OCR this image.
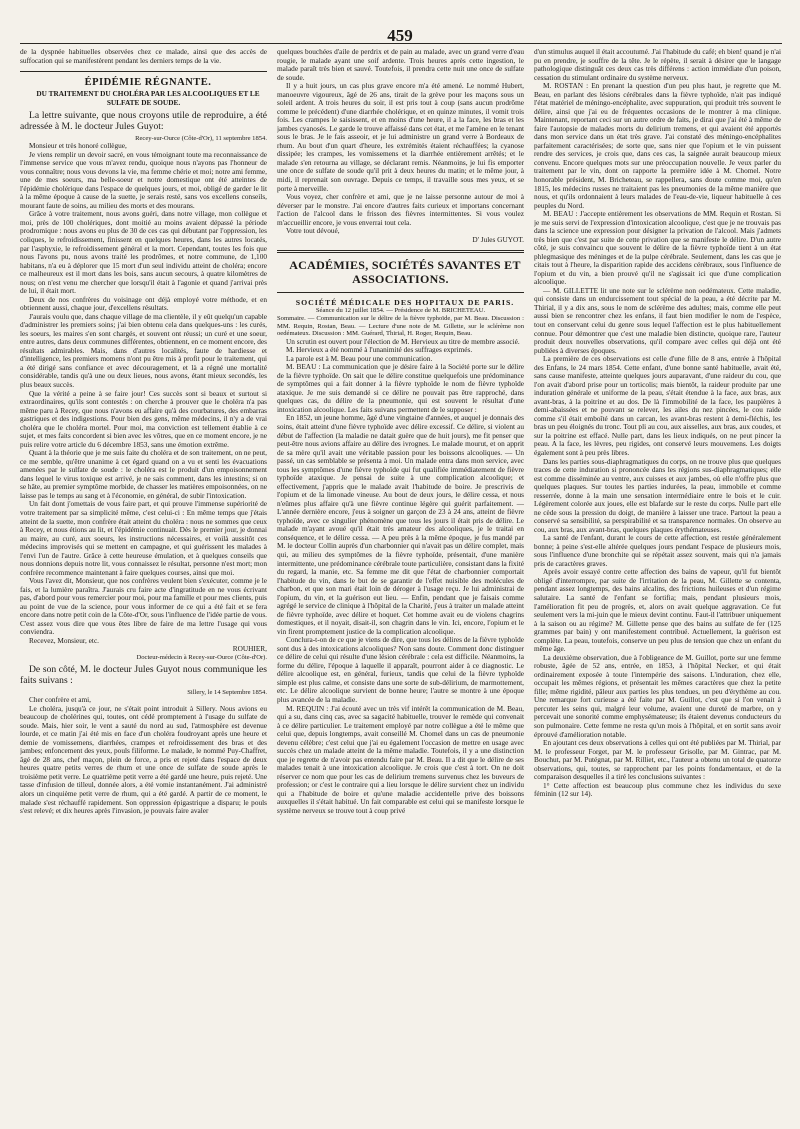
459

de la dyspnée habituelles observées chez ce malade, ainsi que des accès de suffocation qui se manifestèrent pendant les derniers temps de la vie.

ÉPIDÉMIE RÉGNANTE.

DU TRAITEMENT DU CHOLÉRA PAR LES ALCOOLIQUES ET LE SULFATE DE SOUDE.

La lettre suivante, que nous croyons utile de reproduire, a été adressée à M. le docteur Jules Guyot:

Recey-sur-Ource (Côte-d'Or), 11 septembre 1854.

Monsieur et très honoré collègue,

Je viens remplir un devoir sacré, en vous témoignant toute ma reconnaissance de l'immense service que vous m'avez rendu, quoique nous n'ayons pas l'honneur de vous connaître; nous vous devons la vie, ma femme chérie et moi; notre ami femme, une de mes soeurs, ma belle-soeur et notre domestique ont été atteintes de l'épidémie cholérique dans l'espace de quelques jours, et moi, obligé de garder le lit à la même époque à cause de la suette, je serais resté, sans vos excellens conseils, mourant faute de soins, au milieu des morts et des mourans.

Grâce à votre traitement, nous avons guéri, dans notre village, mon collègue et moi, près de 100 cholériques, dont moitié au moins avaient dépassé la période prodromique : nous avons eu plus de 30 de ces cas qui débutant par l'oppression, les coliques, le refroidissement, finissent en quelques heures, dans les autres locatés, par l'asphyxie, le refroidissement général et la mort. Cependant, toutes les fois que nous l'avons pu, nous avons traité les prodrômes, et notre commune, de 1,100 habitans, n'a eu à déplorer que 15 mort d'un seul individu atteint de choléra; encore ce malheureux est il mort dans les bois, sans aucun secours, à quatre kilomètres de nous; on n'est venu me chercher que lorsqu'il était à l'agonie et quand j'arrivai près de lui, il était mort.

Deux de nos confrères du voisinage ont déjà employé votre méthode, et en obtiennent aussi, chaque jour, d'excellens résultats.

J'aurais voulu que, dans chaque village de ma clientèle, il y eût quelqu'un capable d'administrer les premiers soins; j'ai bien obtenu cela dans quelques-uns : les curés, les soeurs, les maires s'en sont chargés, et souvent ont réussi; un curé et une soeur, entre autres, dans deux communes différentes, obtiennent, en ce moment encore, des résultats admirables. Mais, dans d'autres localités, faute de hardiesse et d'intelligence, les premiers momens n'ont pu être mis à profit pour le traitement, qui a été dirigé sans confiance et avec découragement, et là a régné une mortalité considérable, tandis qu'à une ou deux lieues, nous avons, étant mieux secondés, les plus beaux succès.

Que la vérité a peine à se faire jour! Ces succès sont si beaux et surtout si extraordinaires, qu'ils sont contestés : on cherche à prouver que le choléra n'a pas même paru à Recey, que nous n'avons eu affaire qu'à des courbatures, des embarras gastriques et des indigestions. Pour bien des gens, même médecins, il n'y a de vrai choléra que le choléra mortel. Pour moi, ma conviction est tellement établie à ce sujet, et mes faits concordent si bien avec les vôtres, que en ce moment encore, je ne puis relire votre article du 6 décembre 1853, sans une émotion extrême.

Quant à la théorie que je me suis faite du choléra et de son traitement, on ne peut, ce me semble, qu'être unanime à cet égard quand on a vu et senti les évacuations amenées par le sulfate de soude : le choléra est le produit d'un empoisonnement dans lequel le virus toxique est arrivé, je ne sais comment, dans les intestins; si on se hâte, au premier symptôme morbide, de chasser les matières empoisonnées, on ne laisse pas le temps au sang et à l'économie, en général, de subir l'intoxication.

Un fait dont j'omettais de vous faire part, et qui prouve l'immense supériorité de votre traitement par sa simplicité même, c'est celui-ci : En même temps que j'étais atteint de la suette, mon confrère était atteint du choléra : nous ne sommes que ceux à Recey, et nous étions au lit, et l'épidémie continuait. Dès le premier jour, je donnai au maire, au curé, aux soeurs, les instructions nécessaires, et voilà aussitôt ces médecins improvisés qui se mettent en campagne, et qui guérissent les malades à l'envi l'un de l'autre. Grâce à cette heureuse émulation, et à quelques conseils que nous donnions depuis notre lit, vous connaissez le résultat, personne n'est mort; mon confrère recommence maintenant à faire quelques courses, ainsi que moi.

Vous l'avez dit, Monsieur, que nos confrères veulent bien s'exécuter, comme je le fais, et la lumière paraîtra. J'aurais cru faire acte d'ingratitude en ne vous écrivant pas, d'abord pour vous remercier pour moi, pour ma famille et pour mes clients, puis au point de vue de la science, pour vous informer de ce qui a été fait et se fera encore dans notre petit coin de la Côte-d'Or, sous l'influence de l'idée partie de vous. C'est assez vous dire que vous êtes libre de faire de ma lettre l'usage qui vous conviendra.

Recevez, Monsieur, etc.

ROUHIER,

Docteur-médecin à Recey-sur-Ource (Côte-d'Or).

De son côté, M. le docteur Jules Guyot nous communique les faits suivans :

Sillery, le 14 Septembre 1854.

Cher confrère et ami,

Le choléra, jusqu'à ce jour, ne s'était point introduit à Sillery. Nous avions eu beaucoup de cholérines qui, toutes, ont cédé promptement à l'usage du sulfate de soude. Mais, hier soir, le vent a sauté du nord au sud, l'atmosphère est devenue lourde, et ce matin j'ai été mis en face d'un choléra foudroyant après une heure et demie de vomissemens, diarrhées, crampes et refroidissement des bras et des jambes; enfoncement des yeux, pouls filiforme. Le malade, le nommé Puy-Chaffret, âgé de 28 ans, chef maçon, plein de force, a pris et rejeté dans l'espace de deux heures quatre petits verres de rhum et une once de sulfate de soude après le troisième petit verre. Le quatrième petit verre a été gardé une heure, puis rejeté. Une tasse d'infusion de tilleul, donnée alors, a été vomie instantanément. J'ai administré alors un cinquième petit verre de rhum, qui a été gardé. A partir de ce moment, le malade s'est réchauffé rapidement. Son oppression épigastrique a disparu; le pouls s'est relevé; et dix heures après l'invasion, je pouvais faire avaler

quelques bouchées d'aile de perdrix et de pain au malade, avec un grand verre d'eau rougie, le malade ayant une soif ardente. Trois heures après cette ingestion, le malade paraît très bien et sauvé. Toutefois, il prendra cette nuit une once de sulfate de soude.

Il y a huit jours, un cas plus grave encore m'a été amené. Le nommé Hubert, manoeuvre vigoureux, âgé de 26 ans, tirait de la grève pour les maçons sous un soleil ardent. A trois heures du soir, il est pris tout à coup (sans aucun prodrôme comme le précédent) d'une diarrhée cholérique, et en quinze minutes, il vomit trois fois. Les crampes le saisissent, et en moins d'une heure, il a la face, les bras et les jambes cyanosés. Le garde le trouve affaissé dans cet état, et me l'amène en le tenant sous le bras. Je le fais asseoir, et je lui administre un grand verre à Bordeaux de rhum. Au bout d'un quart d'heure, les extrémités étaient réchauffées; la cyanose dissipée; les crampes, les vomissemens et la diarrhée entièrement arrêtés; et le malade s'en retourna au village, se déclarant remis. Néanmoins, je lui fis emporter une once de sulfate de soude qu'il prit à deux heures du matin; et le même jour, à midi, il reprenait son ouvrage. Depuis ce temps, il travaille sous mes yeux, et se porte à merveille.

Vous voyez, cher confrère et ami, que je ne laisse personne autour de moi à déverser par le monstre. J'ai encore d'autres faits curieux et importans concernant l'action de l'alcool dans le frisson des fièvres intermittentes. Si vous voulez m'accueillir encore, je vous enverrai tout cela.

Votre tout dévoué,

D' Jules GUYOT.

ACADÉMIES, SOCIÉTÉS SAVANTES ET ASSOCIATIONS.

SOCIÉTÉ MÉDICALE DES HOPITAUX DE PARIS.

Séance du 12 juillet 1854. — Présidence de M. BRICHETEAU.

Sommaire. — Communication sur le délire de la fièvre typhoïde, par M. Beau. Discussion : MM. Requin, Rostan, Beau. — Lecture d'une note de M. Gillette, sur le sclérème non oedémateux. Discussion : MM. Guérard, Thirial, H. Roger, Requin, Beau.

Un scrutin est ouvert pour l'élection de M. Hervieux au titre de membre associé.

M. Hervieux a été nommé à l'unanimité des suffrages exprimés.

La parole est à M. Beau pour une communication.

M. BEAU : La communication que je désire faire à la Société porte sur le délire de la fièvre typhoïde. On sait que le délire constitue quelquefois une prédominance de symptômes qui a fait donner à la fièvre typhoïde le nom de fièvre typhoïde ataxique. Je me suis demandé si ce délire ne pouvait pas être rapproché, dans quelques cas, du délire de la pneumonie, qui est souvent le résultat d'une intoxication alcoolique. Les faits suivans permettent de le supposer :

En 1852, un jeune homme, âgé d'une vingtaine d'années, et auquel je donnais des soins, était atteint d'une fièvre typhoïde avec délire excessif. Ce délire, si violent au début de l'affection (la maladie ne datait guère que de huit jours), me fit penser que peut-être nous avions affaire au délire des ivrognes. Le malade mourut, et on apprit de sa mère qu'il avait une véritable passion pour les boissons alcooliques. — Un passé, un cas semblable se présenta à moi. Un malade entra dans mon service, avec tous les symptômes d'une fièvre typhoïde qui fut qualifiée immédiatement de fièvre typhoïde ataxique. Je pensai de suite à une complication alcoolique; et effectivement, j'appris que le malade avait l'habitude de boire. Je prescrivis de l'opium et de la limonade vineuse. Au bout de deux jours, le délire cessa, et nous n'eûmes plus affaire qu'à une fièvre continue légère qui guérit parfaitement. — L'année dernière encore, j'eus à soigner un garçon de 23 à 24 ans, atteint de fièvre typhoïde, avec ce singulier phénomène que tous les jours il était pris de délire. Le malade m'ayant avoué qu'il était très amateur des alcooliques, je le traitai en conséquence, et le délire cessa. — A peu près à la même époque, je fus mandé par M. le docteur Collin auprès d'un charbonnier qui n'avait pas un délire complet, mais qui, au milieu des symptômes de la fièvre typhoïde, présentait, d'une manière intermittente, une prédominance cérébrale toute particulière, consistant dans la fixité du regard, la manie, etc. Sa femme me dit que l'état de charbonnier comportait l'habitude du vin, dans le but de se garantir de l'effet nuisible des molécules de charbon, et que son mari était loin de déroger à l'usage reçu. Je lui administrai de l'opium, du vin, et la guérison eut lieu. — Enfin, pendant que je faisais comme agrégé le service de clinique à l'hôpital de la Charité, j'eus à traiter un malade atteint de fièvre typhoïde, avec délire et hoquet. Cet homme avait eu de violens chagrins domestiques, et il noyait, disait-il, son chagrin dans le vin. Ici, encore, l'opium et le vin firent promptement justice de la complication alcoolique.

Conclura-t-on de ce que je viens de dire, que tous les délires de la fièvre typhoïde sont dus à des intoxications alcooliques? Non sans doute. Comment donc distinguer ce délire de celui qui résulte d'une lésion cérébrale : cela est difficile. Néanmoins, la forme du délire, l'époque à laquelle il apparaît, pourront aider à ce diagnostic. Le délire alcoolique est, en général, furieux, tandis que celui de la fièvre typhoïde simple est plus calme, et consiste dans une sorte de sub-délirium, de marmottement, etc. Le délire alcoolique survient de bonne heure; l'autre se montre à une époque plus avancée de la maladie.

M. REQUIN : J'ai écouté avec un très vif intérêt la communication de M. Beau, qui a su, dans cinq cas, avec sa sagacité habituelle, trouver le remède qui convenait à ce délire particulier. Le traitement employé par notre collègue a été le même que celui que, depuis longtemps, avait conseillé M. Chomel dans un cas de pneumonie devenu célèbre; c'est celui que j'ai eu également l'occasion de mettre en usage avec succès chez un malade atteint de la même maladie. Toutefois, il y a une distinction que je regrette de n'avoir pas entendu faire par M. Beau. Il a dit que le délire de ses malades tenait à une intoxication alcoolique. Je crois que c'est à tort. On ne doit réserver ce nom que pour les cas de delirium tremens survenus chez les buveurs de profession; or c'est le contraire qui a lieu lorsque le délire survient chez un individu qui a l'habitude de boire et qu'une maladie accidentelle prive des boissons auxquelles il s'était habitué. Un fait comparable est celui qui se manifeste lorsque le système nerveux se trouve tout à coup privé

d'un stimulus auquel il était accoutumé. J'ai l'habitude du café; eh bien! quand je n'ai pu en prendre, je souffre de la tête. Je le répète, il serait à désirer que le langage pathologique distinguât ces deux cas très différens : action immédiate d'un poison, cessation du stimulant ordinaire du système nerveux.

M. ROSTAN : En prenant la question d'un peu plus haut, je regrette que M. Beau, en parlant des lésions cérébrales dans la fièvre typhoïde, n'ait pas indiqué l'état matériel de méningo-encéphalite, avec suppuration, qui produit très souvent le délire, ainsi que j'ai eu de fréquentes occasions de le montrer à ma clinique. Maintenant, reportant ceci sur un autre ordre de faits, je dirai que j'ai été à même de faire l'autopsie de malades morts du delirium tremens, et qui avaient été apportés dans mon service dans un état très grave. J'ai constaté des méningo-encéphalites parfaitement caractérisées; de sorte que, sans nier que l'opium et le vin puissent rendre des services, je crois que, dans ces cas, la saignée aurait beaucoup mieux convenu. Encore quelques mots sur une préoccupation nouvelle. Je veux parler du traitement par le vin, dont on rapporte la première idée à M. Chomel. Notre honorable président, M. Bricheteau, se rappellera, sans doute comme moi, qu'en 1815, les médecins russes ne traitaient pas les pneumonies de la même manière que nous, et qu'ils ordonnaient à leurs malades de l'eau-de-vie, liqueur habituelle à ces peuples du Nord.

M. BEAU : J'accepte entièrement les observations de MM. Requin et Rostan. Si je me suis servi de l'expression d'intoxication alcoolique, c'est que je ne trouvais pas dans la science une expression pour désigner la privation de l'alcool. Mais j'admets très bien que c'est par suite de cette privation que se manifeste le délire. D'un autre côté, je suis convaincu que souvent le délire de la fièvre typhoïde tient à un état phlegmasique des méninges et de la pulpe cérébrale. Seulement, dans les cas que je citais tout à l'heure, la disparition rapide des accidens cérébraux, sous l'influence de l'opium et du vin, a bien prouvé qu'il ne s'agissait ici que d'une complication alcoolique.

— M. GILLETTE lit une note sur le sclérème non oedémateux. Cette maladie, qui consiste dans un endurcissement tout spécial de la peau, a été décrite par M. Thirial, il y a dix ans, sous le nom de sclérème des adultes; mais, comme elle peut aussi bien se rencontrer chez les enfans, il faut bien modifier le nom de l'espèce, tout en conservant celui du genre sous lequel l'affection est le plus habituellement connue. Pour démontrer que c'est une maladie bien distincte, quoique rare, l'auteur produit deux nouvelles observations, qu'il compare avec celles qui déjà ont été publiées à diverses époques.

La première de ces observations est celle d'une fille de 8 ans, entrée à l'hôpital des Enfans, le 24 mars 1854. Cette enfant, d'une bonne santé habituelle, avait été, sans cause manifeste, atteinte quelques jours auparavant, d'une raideur du cou, que l'on avait d'abord prise pour un torticolis; mais bientôt, la raideur produite par une induration générale et uniforme de la peau, s'était étendue à la face, aux bras, aux avant-bras, à la poitrine et au dos. De là l'immobilité de la face, les paupières à demi-abaissées et ne pouvant se relever, les ailes du nez pincées, le cou raide comme s'il était emboîté dans un carcan, les avant-bras restent à demi-fléchis, les bras un peu éloignés du tronc. Tout pli au cou, aux aisselles, aux bras, aux coudes, et sur la poitrine est effacé. Nulle part, dans les lieux indiqués, on ne peut pincer la peau. A la face, les lèvres, peu rigides, ont conservé leurs mouvemens. Les doigts également sont à peu près libres.

Dans les parties sous-diaphragmatiques du corps, on ne trouve plus que quelques traces de cette induration si prononcée dans les régions sus-diaphragmatiques; elle est comme disséminée au ventre, aux cuisses et aux jambes, où elle n'offre plus que quelques plaques. Sur toutes les parties indurées, la peau, immobile et comme resserrée, donne à la main une sensation intermédiaire entre le bois et le cuir. Légèrement colorée aux joues, elle est blafarde sur le reste du corps. Nulle part elle ne cède sous la pression du doigt, de manière à laisser une trace. Partout la peau a conservé sa sensibilité, sa perspirabilité et sa transparence normales. On observe au cou, aux bras, aux avant-bras, quelques plaques érythémateuses.

La santé de l'enfant, durant le cours de cette affection, est restée généralement bonne; à peine s'est-elle altérée quelques jours pendant l'espace de plusieurs mois, sous l'influence d'une bronchite qui se répétait assez souvent, mais qui n'a jamais pris de caractères graves.

Après avoir essayé contre cette affection des bains de vapeur, qu'il fut bientôt obligé d'interrompre, par suite de l'irritation de la peau, M. Gillette se contenta, pendant assez longtemps, des bains alcalins, des frictions huileuses et d'un régime salutaire. La santé de l'enfant se fortifia; mais, pendant plusieurs mois, l'amélioration fit peu de progrès, et, alors on avait quelque aggravation. Ce fut seulement vers la mi-juin que le mieux devint continu. Faut-il l'attribuer uniquement à la saison ou au régime? M. Gillette pense que des bains au sulfate de fer (125 grammes par bain) y ont manifestement contribué. Actuellement, la guérison est complète. La peau, toutefois, conserve un peu plus de tension que chez un enfant du même âge.

La deuxième observation, due à l'obligeance de M. Guillot, porte sur une femme robuste, âgée de 52 ans, entrée, en 1853, à l'hôpital Necker, et qui était ordinairement exposée à toute l'intempérie des saisons. L'induration, chez elle, occupait les mêmes régions, et présentait les mêmes caractères que chez la petite fille; même rigidité, pâleur aux parties les plus tendues, un peu d'érythème au cou. Une remarque fort curieuse a été faite par M. Guillot, c'est que si l'on venait à percuter les seins qui, malgré leur volume, avaient une dureté de marbre, on y percevait une sonorité comme emphysémateuse; ils étaient devenus conducteurs du son pulmonaire. Cette femme ne resta qu'un mois à l'hôpital, et en sortit sans avoir éprouvé d'amélioration notable.

En ajoutant ces deux observations à celles qui ont été publiées par M. Thirial, par M. le professeur Forget, par M. le professeur Grisolle, par M. Gintrac, par M. Bouchut, par M. Putégnat, par M. Rilliet, etc., l'auteur a obtenu un total de quatorze observations, qui, toutes, se rapprochent par les points fondamentaux, et de la comparaison desquelles il a tiré les conclusions suivantes :

1° Cette affection est beaucoup plus commune chez les individus du sexe féminin (12 sur 14).
